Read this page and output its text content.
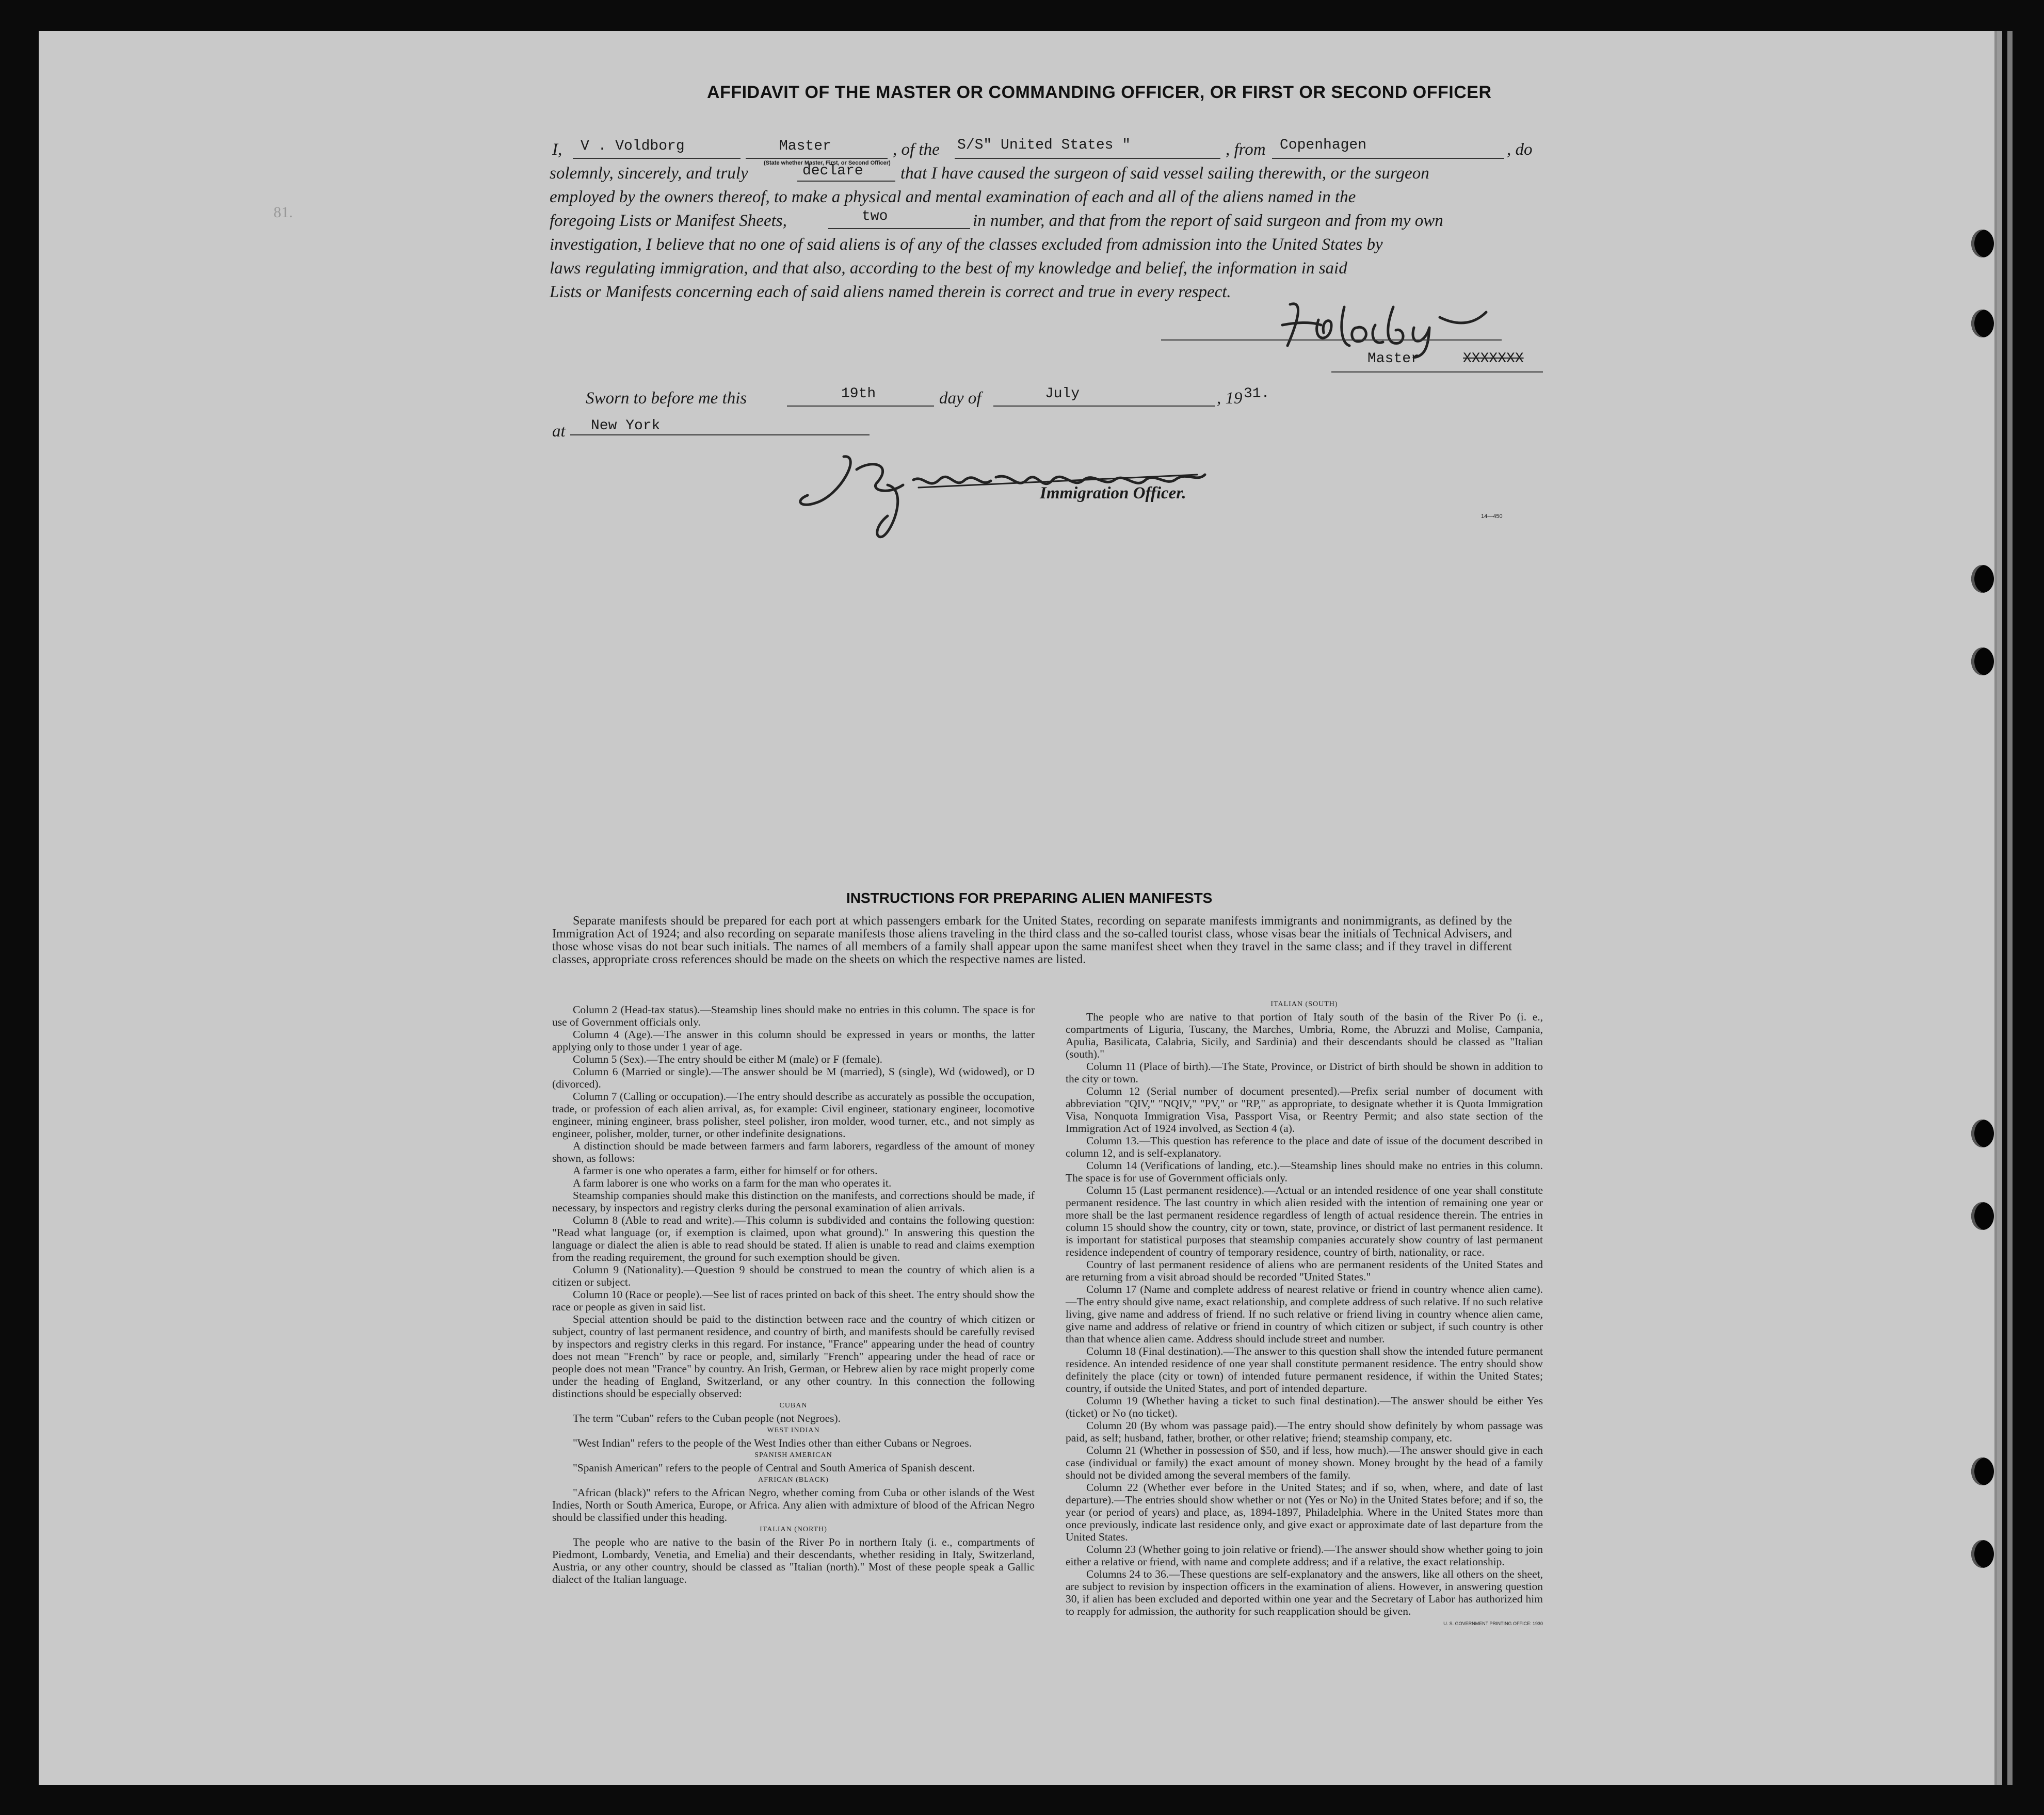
81.
AFFIDAVIT OF THE MASTER OR COMMANDING OFFICER, OR FIRST OR SECOND OFFICER
I, V . Voldborg	Master
(State whether Master, First, or Second Officer)
, of the S/S" United States "	, from Copenhagen	, do
solemnly, sincerely, and truly	declare that I have caused the surgeon of said vessel sailing therewith, or the surgeon
employed by the owners thereof, to make a physical and mental examination of each and all of the aliens named in the
foregoing Lists or Manifest Sheets,	two	in number, and that from the report of said surgeon and from my own
investigation, I believe that no one of said aliens is of any of the classes excluded from admission into the United States by
laws regulating immigration, and that also, according to the best of my knowledge and belief, the information in said
Lists or Manifests concerning each of said aliens named therein is correct and true in every respect.
Master	XXXXXXX
Sworn to before me this	19th	day of	July	, 19 31.
at New York
Immigration Officer.
14—450
INSTRUCTIONS FOR PREPARING ALIEN MANIFESTS

Separate manifests should be prepared for each port at which passengers embark for the United States, recording on separate manifests immigrants and nonimmigrants, as defined by the Immigration Act of 1924; and also recording on separate manifests those aliens traveling in the third class and the so-called tourist class, whose visas bear the initials of Technical Advisers, and those whose visas do not bear such initials. The names of all members of a family shall appear upon the same manifest sheet when they travel in the same class; and if they travel in different classes, appropriate cross references should be made on the sheets on which the respective names are listed.

Column 2 (Head-tax status).—Steamship lines should make no entries in this column. The space is for use of Government officials only.

Column 4 (Age).—The answer in this column should be expressed in years or months, the latter applying only to those under 1 year of age.

Column 5 (Sex).—The entry should be either M (male) or F (female).

Column 6 (Married or single).—The answer should be M (married), S (single), Wd (widowed), or D (divorced).

Column 7 (Calling or occupation).—The entry should describe as accurately as possible the occupation, trade, or profession of each alien arrival, as, for example: Civil engineer, stationary engineer, locomotive engineer, mining engineer, brass polisher, steel polisher, iron molder, wood turner, etc., and not simply as engineer, polisher, molder, turner, or other indefinite designations.

A distinction should be made between farmers and farm laborers, regardless of the amount of money shown, as follows:

A farmer is one who operates a farm, either for himself or for others.

A farm laborer is one who works on a farm for the man who operates it.

Steamship companies should make this distinction on the manifests, and corrections should be made, if necessary, by inspectors and registry clerks during the personal examination of alien arrivals.

Column 8 (Able to read and write).—This column is subdivided and contains the following question: "Read what language (or, if exemption is claimed, upon what ground)." In answering this question the language or dialect the alien is able to read should be stated. If alien is unable to read and claims exemption from the reading requirement, the ground for such exemption should be given.

Column 9 (Nationality).—Question 9 should be construed to mean the country of which alien is a citizen or subject.

Column 10 (Race or people).—See list of races printed on back of this sheet. The entry should show the race or people as given in said list.

Special attention should be paid to the distinction between race and the country of which citizen or subject, country of last permanent residence, and country of birth, and manifests should be carefully revised by inspectors and registry clerks in this regard. For instance, "France" appearing under the head of country does not mean "French" by race or people, and, similarly "French" appearing under the head of race or people does not mean "France" by country. An Irish, German, or Hebrew alien by race might properly come under the heading of England, Switzerland, or any other country. In this connection the following distinctions should be especially observed:

CUBAN

The term "Cuban" refers to the Cuban people (not Negroes).

WEST INDIAN

"West Indian" refers to the people of the West Indies other than either Cubans or Negroes.

SPANISH AMERICAN

"Spanish American" refers to the people of Central and South America of Spanish descent.

AFRICAN (BLACK)

"African (black)" refers to the African Negro, whether coming from Cuba or other islands of the West Indies, North or South America, Europe, or Africa. Any alien with admixture of blood of the African Negro should be classified under this heading.

ITALIAN (NORTH)

The people who are native to the basin of the River Po in northern Italy (i. e., compartments of Piedmont, Lombardy, Venetia, and Emelia) and their descendants, whether residing in Italy, Switzerland, Austria, or any other country, should be classed as "Italian (north)." Most of these people speak a Gallic dialect of the Italian language.

ITALIAN (SOUTH)

The people who are native to that portion of Italy south of the basin of the River Po (i. e., compartments of Liguria, Tuscany, the Marches, Umbria, Rome, the Abruzzi and Molise, Campania, Apulia, Basilicata, Calabria, Sicily, and Sardinia) and their descendants should be classed as "Italian (south)."

Column 11 (Place of birth).—The State, Province, or District of birth should be shown in addition to the city or town.

Column 12 (Serial number of document presented).—Prefix serial number of document with abbreviation "QIV," "NQIV," "PV," or "RP," as appropriate, to designate whether it is Quota Immigration Visa, Nonquota Immigration Visa, Passport Visa, or Reentry Permit; and also state section of the Immigration Act of 1924 involved, as Section 4 (a).

Column 13.—This question has reference to the place and date of issue of the document described in column 12, and is self-explanatory.

Column 14 (Verifications of landing, etc.).—Steamship lines should make no entries in this column. The space is for use of Government officials only.

Column 15 (Last permanent residence).—Actual or an intended residence of one year shall constitute permanent residence. The last country in which alien resided with the intention of remaining one year or more shall be the last permanent residence regardless of length of actual residence therein. The entries in column 15 should show the country, city or town, state, province, or district of last permanent residence. It is important for statistical purposes that steamship companies accurately show country of last permanent residence independent of country of temporary residence, country of birth, nationality, or race.

Country of last permanent residence of aliens who are permanent residents of the United States and are returning from a visit abroad should be recorded "United States."

Column 17 (Name and complete address of nearest relative or friend in country whence alien came).—The entry should give name, exact relationship, and complete address of such relative. If no such relative living, give name and address of friend. If no such relative or friend living in country whence alien came, give name and address of relative or friend in country of which citizen or subject, if such country is other than that whence alien came. Address should include street and number.

Column 18 (Final destination).—The answer to this question shall show the intended future permanent residence. An intended residence of one year shall constitute permanent residence. The entry should show definitely the place (city or town) of intended future permanent residence, if within the United States; country, if outside the United States, and port of intended departure.

Column 19 (Whether having a ticket to such final destination).—The answer should be either Yes (ticket) or No (no ticket).

Column 20 (By whom was passage paid).—The entry should show definitely by whom passage was paid, as self; husband, father, brother, or other relative; friend; steamship company, etc.

Column 21 (Whether in possession of $50, and if less, how much).—The answer should give in each case (individual or family) the exact amount of money shown. Money brought by the head of a family should not be divided among the several members of the family.

Column 22 (Whether ever before in the United States; and if so, when, where, and date of last departure).—The entries should show whether or not (Yes or No) in the United States before; and if so, the year (or period of years) and place, as, 1894-1897, Philadelphia. Where in the United States more than once previously, indicate last residence only, and give exact or approximate date of last departure from the United States.

Column 23 (Whether going to join relative or friend).—The answer should show whether going to join either a relative or friend, with name and complete address; and if a relative, the exact relationship.

Columns 24 to 36.—These questions are self-explanatory and the answers, like all others on the sheet, are subject to revision by inspection officers in the examination of aliens. However, in answering question 30, if alien has been excluded and deported within one year and the Secretary of Labor has authorized him to reapply for admission, the authority for such reapplication should be given.

U. S. GOVERNMENT PRINTING OFFICE: 1930
